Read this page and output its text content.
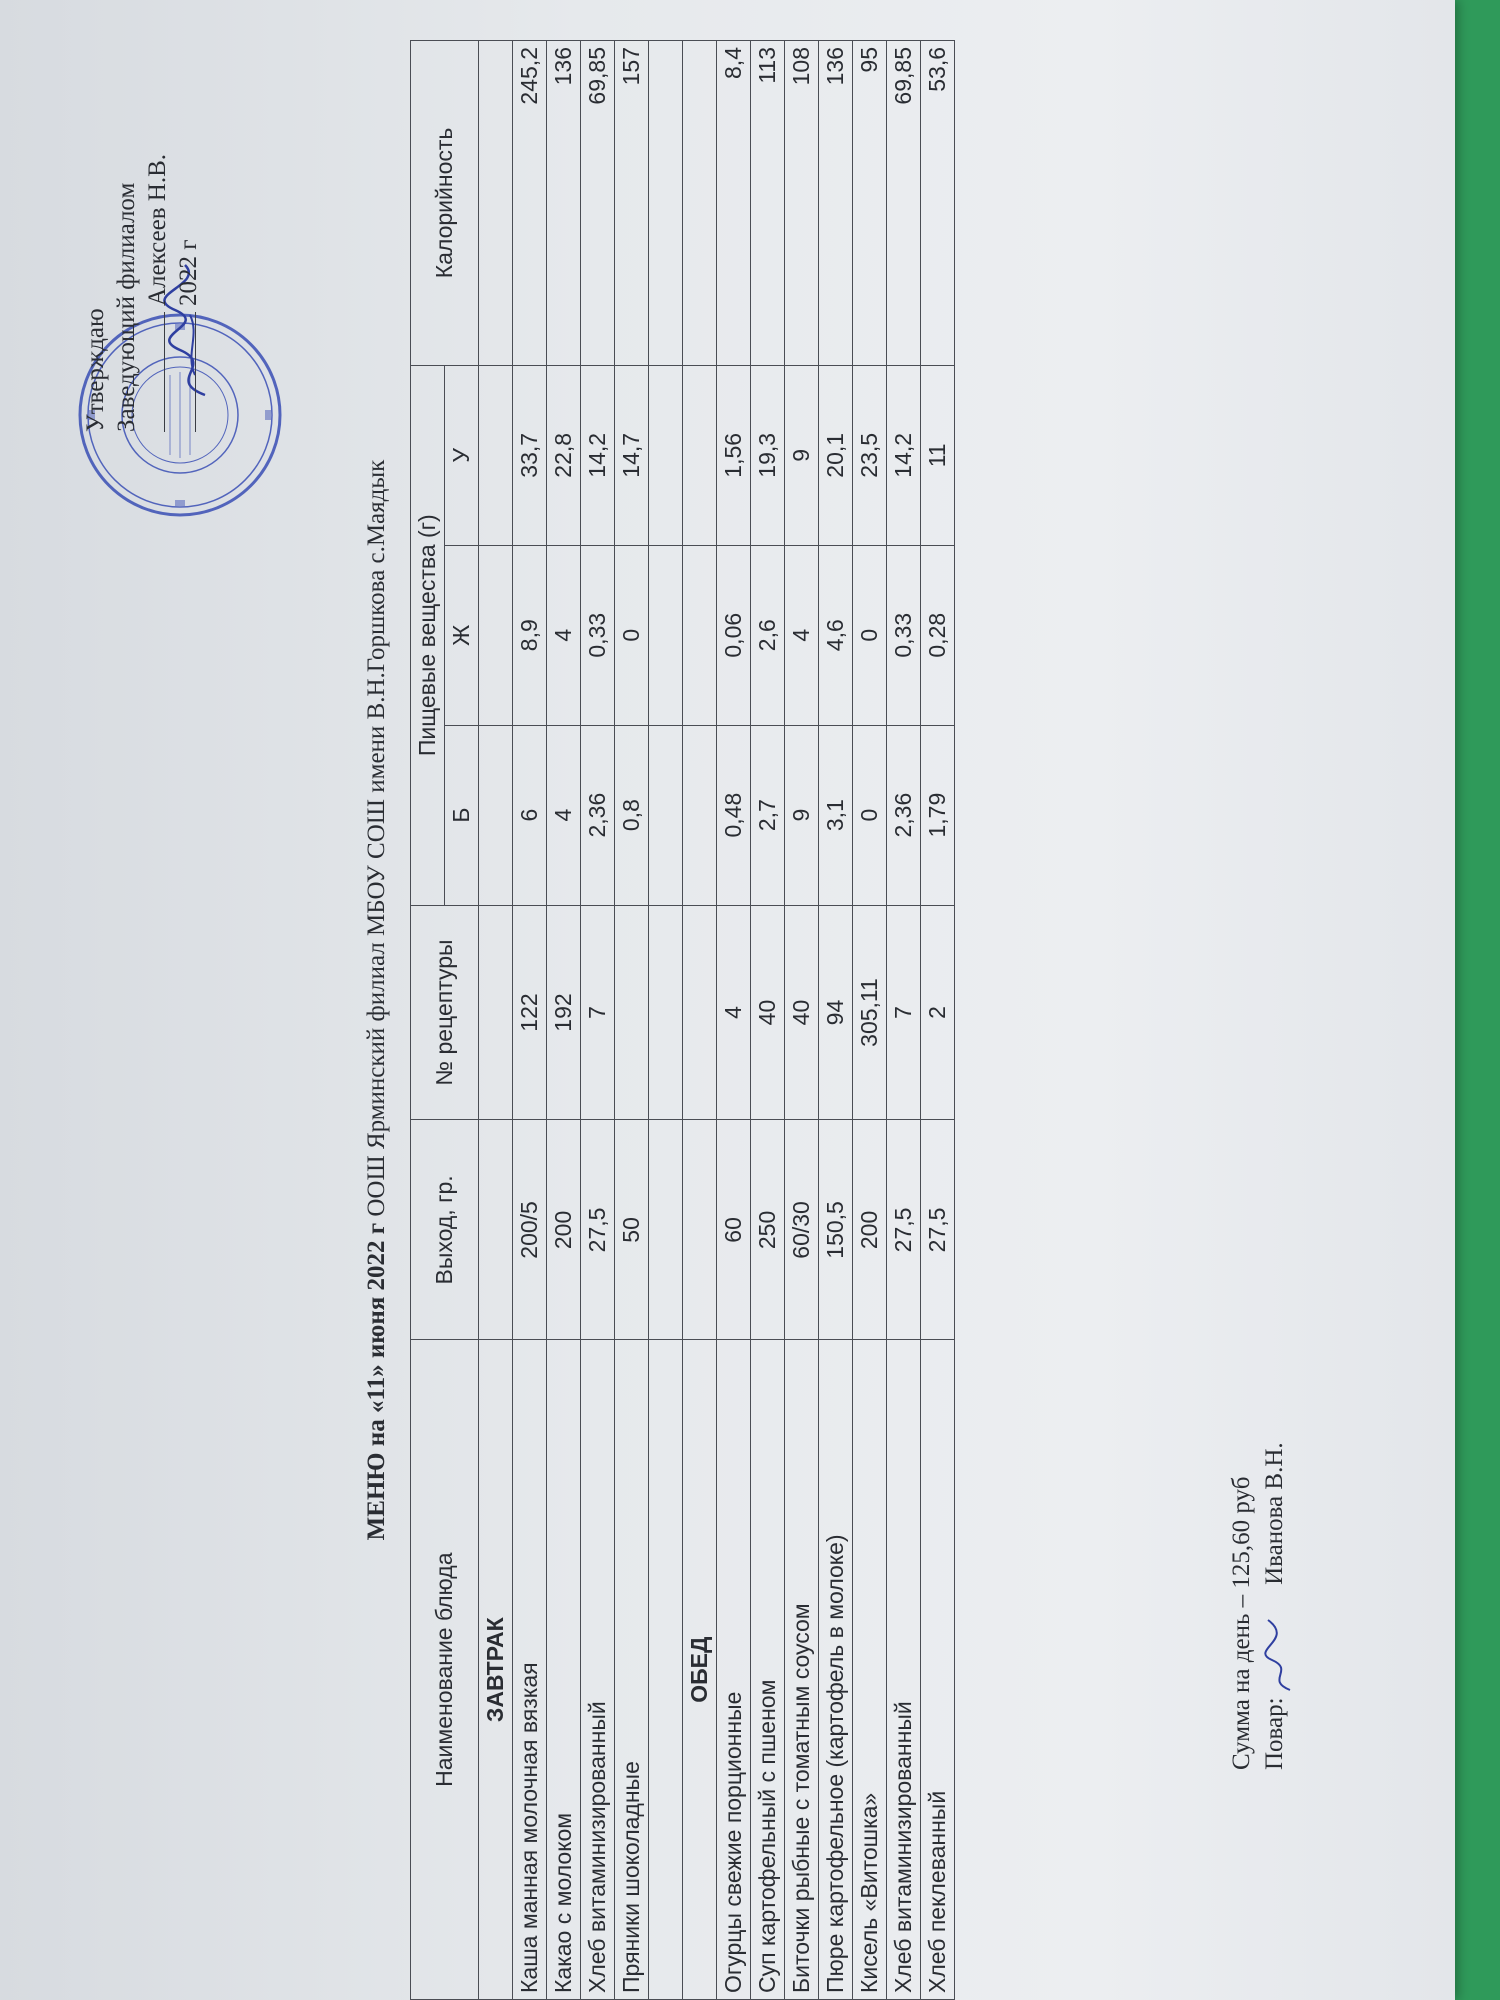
Утверждаю Заведующий филиалом Алексеев Н.В. 2022 г
МЕНЮ на «11» июня 2022 г ООШ Ярминский филиал МБОУ СОШ имени В.Н.Горшкова с.Маядык
Наименование блюда	Выход, гр.	№ рецептуры	Пищевые вещества (г)			Калорийность
			Б	Ж	У	
ЗАВТРАК						
Каша манная молочная вязкая	200/5	122	6	8,9	33,7	245,2
Какао с молоком	200	192	4	4	22,8	136
Хлеб витаминизированный	27,5	7	2,36	0,33	14,2	69,85
Пряники шоколадные	50		0,8	0	14,7	157

ОБЕД						
Огурцы свежие порционные	60	4	0,48	0,06	1,56	8,4
Суп картофельный с пшеном	250	40	2,7	2,6	19,3	113
Биточки рыбные с томатным соусом	60/30	40	9	4	9	108
Пюре картофельное (картофель в молоке)	150,5	94	3,1	4,6	20,1	136
Кисель «Витошка»	200	305,11	0	0	23,5	95
Хлеб витаминизированный	27,5	7	2,36	0,33	14,2	69,85
Хлеб пеклеванный	27,5	2	1,79	0,28	11	53,6
Сумма на день – 125,60 руб Повар:  Иванова В.Н.
